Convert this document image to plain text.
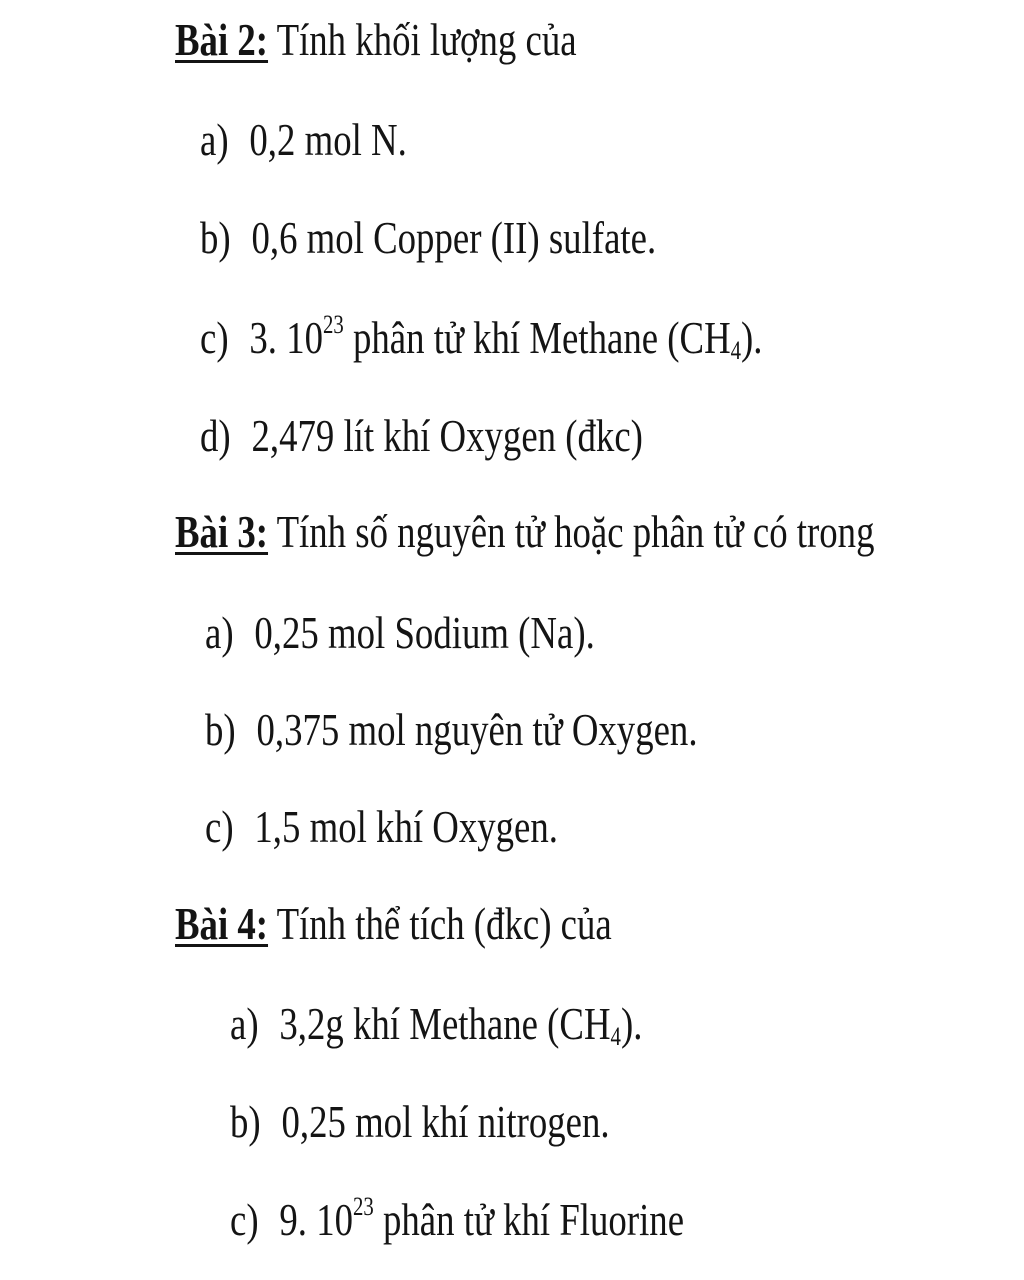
Bài 2: Tính khối lượng của
a) 0,2 mol N.
b) 0,6 mol Copper (II) sulfate.
c) 3. $10^{23}$ phân tử khí Methane $(CH_4)$.
d) 2,479 lít khí Oxygen (đkc)
Bài 3: Tính số nguyên tử hoặc phân tử có trong
a) 0,25 mol Sodium (Na).
b) 0,375 mol nguyên tử Oxygen.
c) 1,5 mol khí Oxygen.
Bài 4: Tính thể tích (đkc) của
a) 3,2g khí Methane $(CH_4)$.
b) 0,25 mol khí nitrogen.
c) 9. $10^{23}$ phân tử khí Fluorine
